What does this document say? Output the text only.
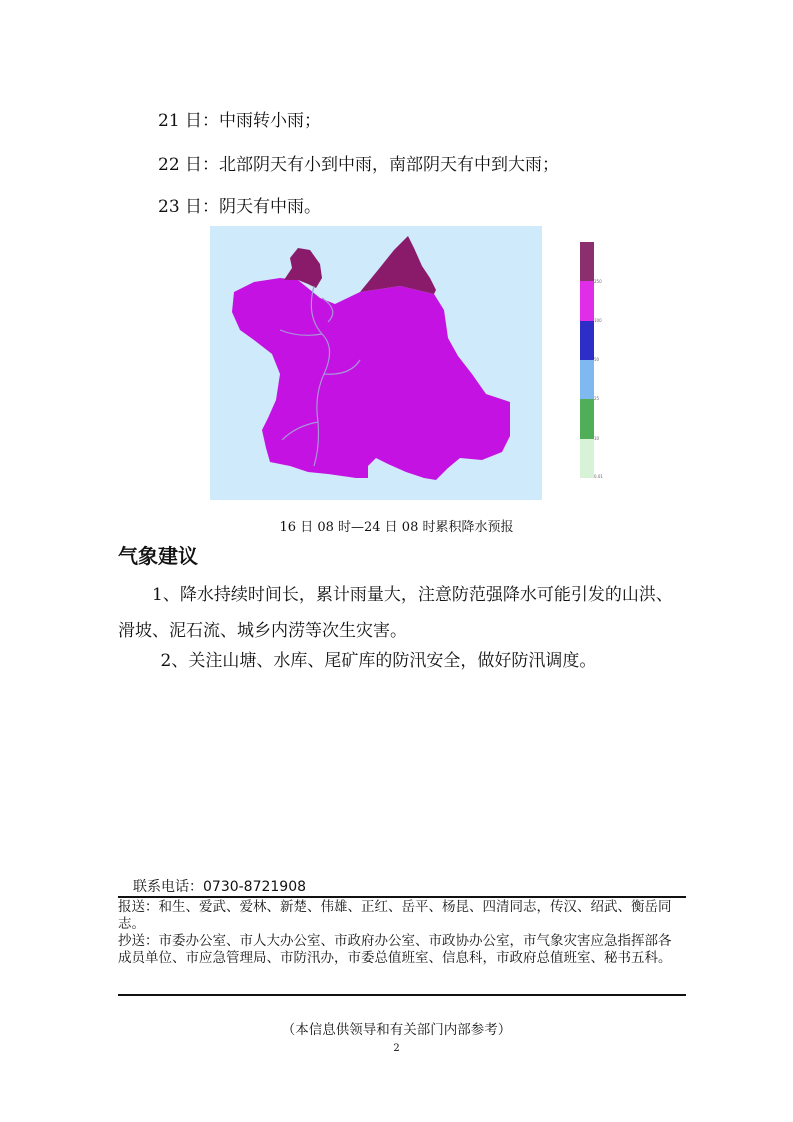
21 日：中雨转小雨；
22 日：北部阴天有小到中雨，南部阴天有中到大雨；
23 日：阴天有中雨。
250
100
50
25
10
0.01
16 日 08 时—24 日 08 时累积降水预报
气象建议
1、降水持续时间长，累计雨量大，注意防范强降水可能引发的山洪、滑坡、泥石流、城乡内涝等次生灾害。
2、关注山塘、水库、尾矿库的防汛安全，做好防汛调度。
联系电话：0730-8721908
报送：和生、爱武、爱林、新楚、伟雄、正红、岳平、杨昆、四清同志，传汉、绍武、衡岳同志。
抄送：市委办公室、市人大办公室、市政府办公室、市政协办公室，市气象灾害应急指挥部各成员单位、市应急管理局、市防汛办，市委总值班室、信息科，市政府总值班室、秘书五科。
（本信息供领导和有关部门内部参考）
2
